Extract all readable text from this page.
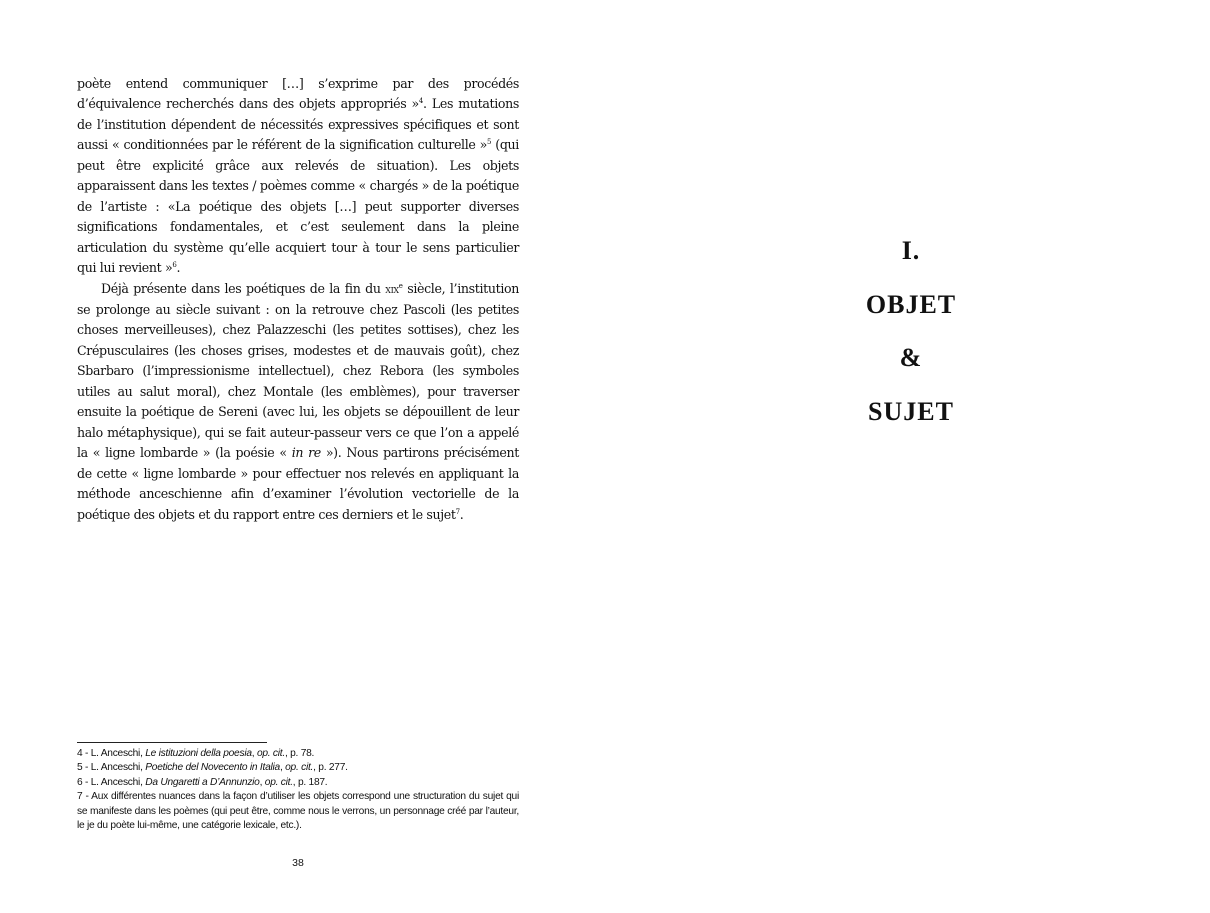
poète entend communiquer […] s’exprime par des procédés d’équivalence recherchés dans des objets appropriés »$^4$. Les mutations de l’institution dépendent de nécessités expressives spécifiques et sont aussi « conditionnées par le référent de la signification culturelle »$^5$ (qui peut être explicité grâce aux relevés de situation). Les objets apparaissent dans les textes / poèmes comme « chargés » de la poétique de l’artiste : «La poétique des objets […] peut supporter diverses significations fondamentales, et c’est seulement dans la pleine articulation du système qu’elle acquiert tour à tour le sens particulier qui lui revient »$^6$.

Déjà présente dans les poétiques de la fin du xix$^e$ siècle, l’institution se prolonge au siècle suivant : on la retrouve chez Pascoli (les petites choses merveilleuses), chez Palazzeschi (les petites sottises), chez les Crépusculaires (les choses grises, modestes et de mauvais goût), chez Sbarbaro (l’impressionisme intellectuel), chez Rebora (les symboles utiles au salut moral), chez Montale (les emblèmes), pour traverser ensuite la poétique de Sereni (avec lui, les objets se dépouillent de leur halo métaphysique), qui se fait auteur-passeur vers ce que l’on a appelé la « ligne lombarde » (la poésie « in re »). Nous partirons précisément de cette « ligne lombarde » pour effectuer nos relevés en appliquant la méthode anceschienne afin d’examiner l’évolution vectorielle de la poétique des objets et du rapport entre ces derniers et le sujet$^7$.

4 - L. Anceschi, Le istituzioni della poesia, op. cit., p. 78.

5 - L. Anceschi, Poetiche del Novecento in Italia, op. cit., p. 277.

6 - L. Anceschi, Da Ungaretti a D’Annunzio, op. cit., p. 187.

7 - Aux différentes nuances dans la façon d’utiliser les objets correspond une structuration du sujet qui se manifeste dans les poèmes (qui peut être, comme nous le verrons, un personnage créé par l’auteur, le je du poète lui-même, une catégorie lexicale, etc.).

38
I.
OBJET
&
SUJET
